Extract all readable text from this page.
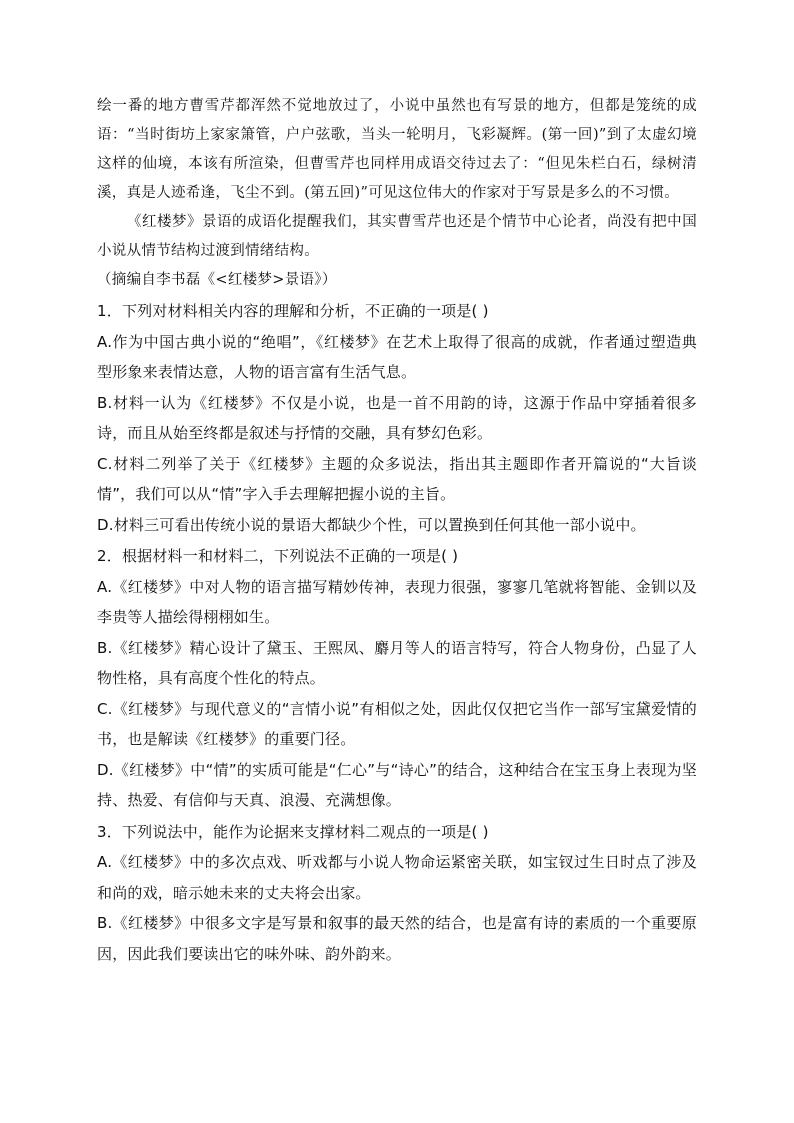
绘一番的地方曹雪芹都浑然不觉地放过了，小说中虽然也有写景的地方，但都是笼统的成语：“当时街坊上家家箫管，户户弦歌，当头一轮明月，飞彩凝辉。(第一回)”到了太虚幻境这样的仙境，本该有所渲染，但曹雪芹也同样用成语交待过去了：“但见朱栏白石，绿树清溪，真是人迹希逢，飞尘不到。(第五回)”可见这位伟大的作家对于写景是多么的不习惯。

《红楼梦》景语的成语化提醒我们，其实曹雪芹也还是个情节中心论者，尚没有把中国小说从情节结构过渡到情绪结构。

（摘编自李书磊《<红楼梦>景语》）

1．下列对材料相关内容的理解和分析，不正确的一项是( )

A.作为中国古典小说的“绝唱”，《红楼梦》在艺术上取得了很高的成就，作者通过塑造典型形象来表情达意，人物的语言富有生活气息。

B.材料一认为《红楼梦》不仅是小说，也是一首不用韵的诗，这源于作品中穿插着很多诗，而且从始至终都是叙述与抒情的交融，具有梦幻色彩。

C.材料二列举了关于《红楼梦》主题的众多说法，指出其主题即作者开篇说的“大旨谈情”，我们可以从“情”字入手去理解把握小说的主旨。

D.材料三可看出传统小说的景语大都缺少个性，可以置换到任何其他一部小说中。

2．根据材料一和材料二，下列说法不正确的一项是( )

A.《红楼梦》中对人物的语言描写精妙传神，表现力很强，寥寥几笔就将智能、金钏以及李贵等人描绘得栩栩如生。

B.《红楼梦》精心设计了黛玉、王熙凤、麝月等人的语言特写，符合人物身份，凸显了人物性格，具有高度个性化的特点。

C.《红楼梦》与现代意义的“言情小说”有相似之处，因此仅仅把它当作一部写宝黛爱情的书，也是解读《红楼梦》的重要门径。

D.《红楼梦》中“情”的实质可能是“仁心”与“诗心”的结合，这种结合在宝玉身上表现为坚持、热爱、有信仰与天真、浪漫、充满想像。

3．下列说法中，能作为论据来支撑材料二观点的一项是( )

A.《红楼梦》中的多次点戏、听戏都与小说人物命运紧密关联，如宝钗过生日时点了涉及和尚的戏，暗示她未来的丈夫将会出家。

B.《红楼梦》中很多文字是写景和叙事的最天然的结合，也是富有诗的素质的一个重要原因，因此我们要读出它的味外味、韵外韵来。
